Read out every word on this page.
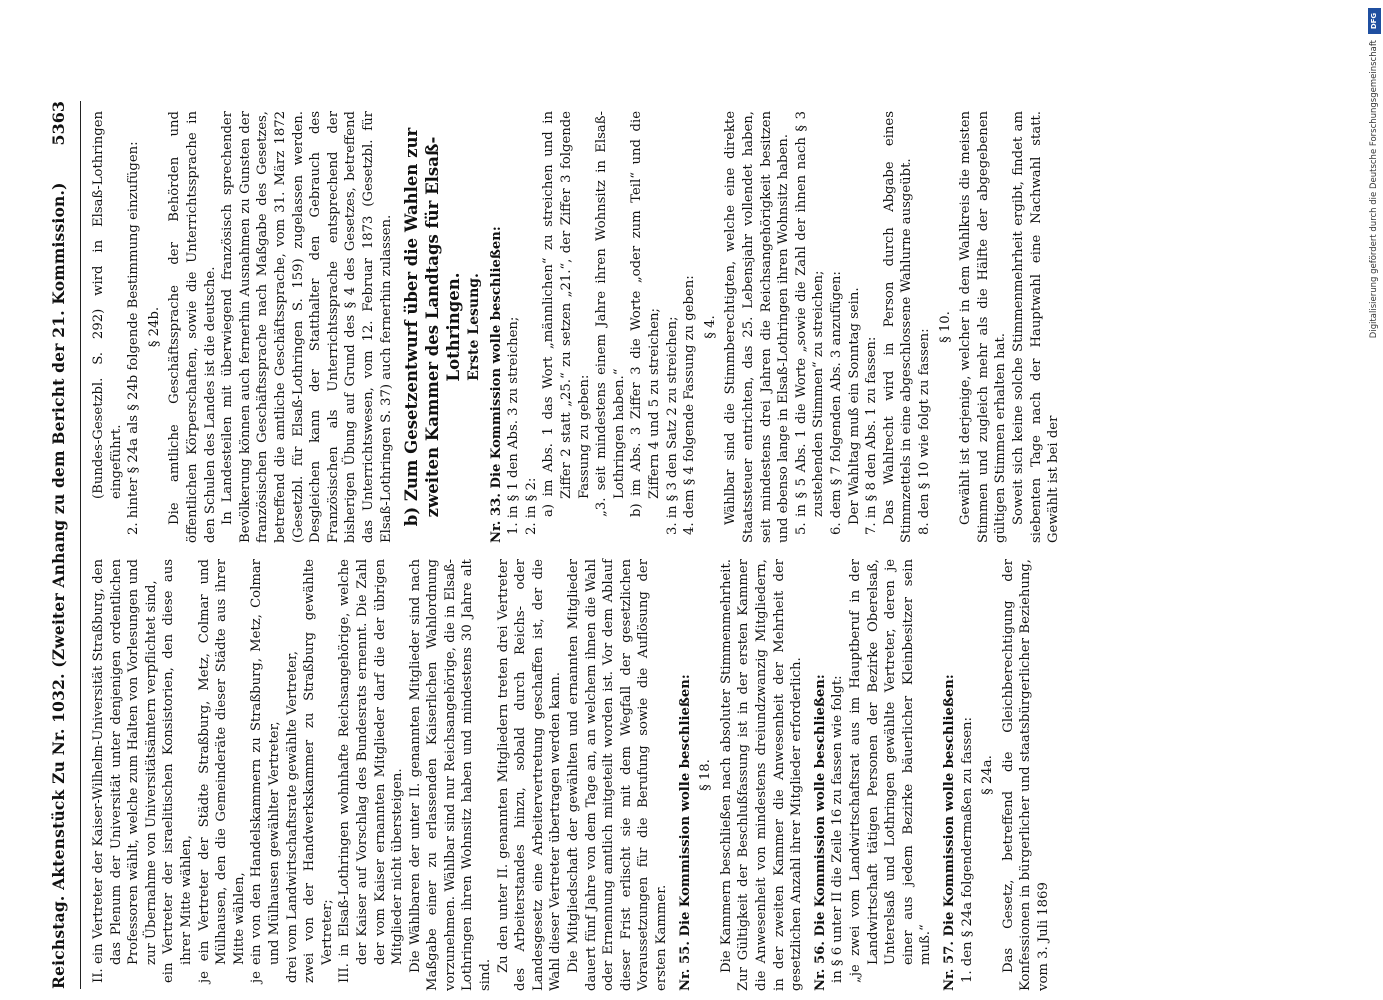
Reichstag. Aktenstück Zu Nr. 1032. (Zweiter Anhang zu dem Bericht der 21. Kommission.)
5363

II. ein Vertreter der Kaiser-Wilhelm-Universität Straßburg, den das Plenum der Universität unter denjenigen ordentlichen Professoren wählt, welche zum Halten von Vorlesungen und zur Übernahme von Universitätsämtern verpflichtet sind, ein Vertreter der israelitischen Konsistorien, den diese aus ihrer Mitte wählen, je ein Vertreter der Städte Straßburg, Metz, Colmar und Mülhausen, den die Gemeinderäte dieser Städte aus ihrer Mitte wählen, je ein von den Handelskammern zu Straßburg, Metz, Colmar und Mülhausen gewählter Vertreter, drei vom Landwirtschaftsrate gewählte Vertreter, zwei von der Handwerkskammer zu Straßburg gewählte Vertreter; III. in Elsaß-Lothringen wohnhafte Reichsangehörige, welche der Kaiser auf Vorschlag des Bundesrats ernennt. Die Zahl der vom Kaiser ernannten Mitglieder darf die der übrigen Mitglieder nicht übersteigen. Die Wählbaren der unter II. genannten Mitglieder sind nach Maßgabe einer zu erlassenden Kaiserlichen Wahlordnung vorzunehmen. Wählbar sind nur Reichsangehörige, die in Elsaß-Lothringen ihren Wohnsitz haben und mindestens 30 Jahre alt sind.

Zu den unter II. genannten Mitgliedern treten drei Vertreter des Arbeiterstandes hinzu, sobald durch Reichs- oder Landesgesetz eine Arbeitervertretung geschaffen ist, der die Wahl dieser Vertreter übertragen werden kann. Die Mitgliedschaft der gewählten und ernannten Mitglieder dauert fünf Jahre von dem Tage an, an welchem ihnen die Wahl oder Ernennung amtlich mitgeteilt worden ist. Vor dem Ablauf dieser Frist erlischt sie mit dem Wegfall der gesetzlichen Voraussetzungen für die Berufung sowie die Auflösung der ersten Kammer. Nr. 55. Die Kommission wolle beschließen: § 18. Die Kammern beschließen nach absoluter Stimmenmehrheit. Zur Gültigkeit der Beschlußfassung ist in der ersten Kammer die Anwesenheit von mindestens dreiundzwanzig Mitgliedern, in der zweiten Kammer die Anwesenheit der Mehrheit der gesetzlichen Anzahl ihrer Mitglieder erforderlich. Nr. 56. Die Kommission wolle beschließen: in § 6 unter II die Zeile 16 zu fassen wie folgt: „je zwei vom Landwirtschaftsrat aus im Hauptberuf in der Landwirtschaft tätigen Personen der Bezirke Oberelsaß, Unterelsaß und Lothringen gewählte Vertreter, deren je einer aus jedem Bezirke bäuerlicher Kleinbesitzer sein muß.“ Nr. 57. Die Kommission wolle beschließen: 1. den § 24a folgendermaßen zu fassen: § 24a. Das Gesetz, betreffend die Gleichberechtigung der Konfessionen in bürgerlicher und staatsbürgerlicher Beziehung, vom 3. Juli 1869

(Bundes-Gesetzbl. S. 292) wird in Elsaß-Lothringen eingeführt. 2. hinter § 24a als § 24b folgende Bestimmung einzufügen: § 24b. Die amtliche Geschäftssprache der Behörden und öffentlichen Körperschaften, sowie die Unterrichtssprache in den Schulen des Landes ist die deutsche. In Landesteilen mit überwiegend französisch sprechender Bevölkerung können auch fernerhin Ausnahmen zu Gunsten der französischen Geschäftssprache nach Maßgabe des Gesetzes, betreffend die amtliche Geschäftssprache, vom 31. März 1872 (Gesetzbl. für Elsaß-Lothringen S. 159) zugelassen werden. Desgleichen kann der Statthalter den Gebrauch des Französischen als Unterrichtssprache entsprechend der bisherigen Übung auf Grund des § 4 des Gesetzes, betreffend das Unterrichtswesen, vom 12. Februar 1873 (Gesetzbl. für Elsaß-Lothringen S. 37) auch fernerhin zulassen. b) Zum Gesetzentwurf über die Wahlen zur zweiten Kammer des Landtags für Elsaß-Lothringen. Erste Lesung. Nr. 33. Die Kommission wolle beschließen: 1. in § 1 den Abs. 3 zu streichen; 2. in § 2: a) im Abs. 1 das Wort „männlichen“ zu streichen und in Ziffer 2 statt „25.“ zu setzen „21.“, der Ziffer 3 folgende Fassung zu geben: „3. seit mindestens einem Jahre ihren Wohnsitz in Elsaß-Lothringen haben.“ b) im Abs. 3 Ziffer 3 die Worte „oder zum Teil“ und die Ziffern 4 und 5 zu streichen; 3. in § 3 den Satz 2 zu streichen; 4. dem § 4 folgende Fassung zu geben: § 4. Wählbar sind die Stimmberechtigten, welche eine direkte Staatssteuer entrichten, das 25. Lebensjahr vollendet haben, seit mindestens drei Jahren die Reichsangehörigkeit besitzen und ebenso lange in Elsaß-Lothringen ihren Wohnsitz haben. 5. in § 5 Abs. 1 die Worte „sowie die Zahl der ihnen nach § 3 zustehenden Stimmen“ zu streichen; 6. dem § 7 folgenden Abs. 3 anzufügen: Der Wahltag muß ein Sonntag sein. 7. in § 8 den Abs. 1 zu fassen: Das Wahlrecht wird in Person durch Abgabe eines Stimmzettels in eine abgeschlossene Wahlurne ausgeübt. 8. den § 10 wie folgt zu fassen:

§ 10. Gewählt ist derjenige, welcher in dem Wahlkreis die meisten Stimmen und zugleich mehr als die Hälfte der abgegebenen gültigen Stimmen erhalten hat. Soweit sich keine solche Stimmenmehrheit ergibt, findet am siebenten Tage nach der Hauptwahl eine Nachwahl statt. Gewählt ist bei der

DFG
Digitalisierung gefördert durch die Deutsche Forschungsgemeinschaft
